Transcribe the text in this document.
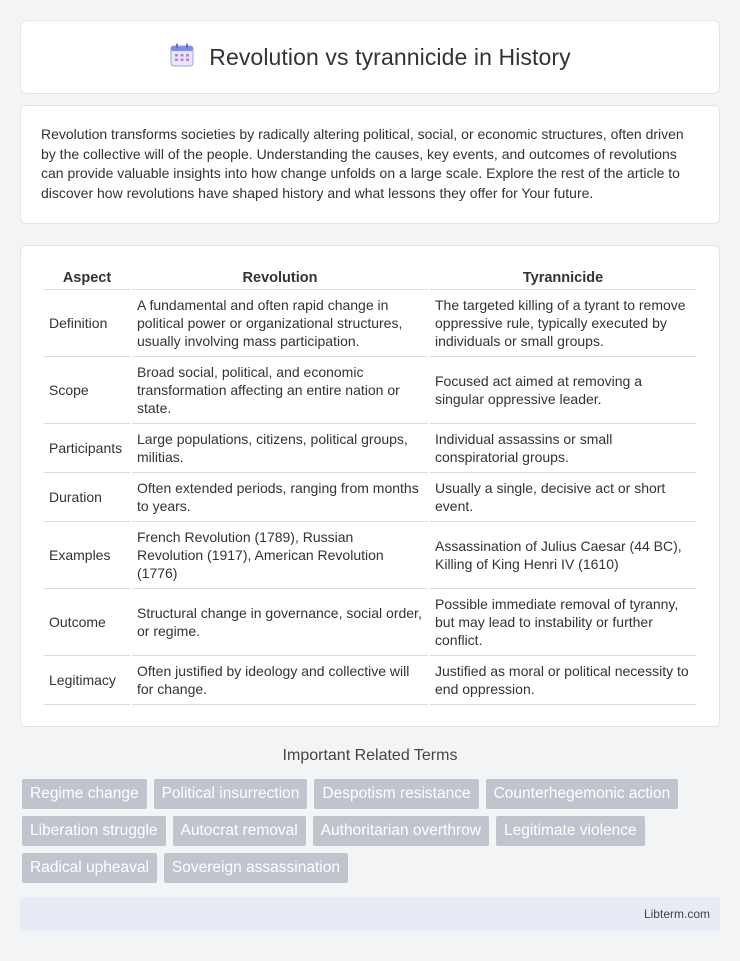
Revolution vs tyrannicide in History

Revolution transforms societies by radically altering political, social, or economic structures, often driven by the collective will of the people. Understanding the causes, key events, and outcomes of revolutions can provide valuable insights into how change unfolds on a large scale. Explore the rest of the article to discover how revolutions have shaped history and what lessons they offer for Your future.

Aspect	Revolution	Tyrannicide
Definition	A fundamental and often rapid change in political power or organizational structures, usually involving mass participation.	The targeted killing of a tyrant to remove oppressive rule, typically executed by individuals or small groups.
Scope	Broad social, political, and economic transformation affecting an entire nation or state.	Focused act aimed at removing a singular oppressive leader.
Participants	Large populations, citizens, political groups, militias.	Individual assassins or small conspiratorial groups.
Duration	Often extended periods, ranging from months to years.	Usually a single, decisive act or short event.
Examples	French Revolution (1789), Russian Revolution (1917), American Revolution (1776)	Assassination of Julius Caesar (44 BC), Killing of King Henri IV (1610)
Outcome	Structural change in governance, social order, or regime.	Possible immediate removal of tyranny, but may lead to instability or further conflict.
Legitimacy	Often justified by ideology and collective will for change.	Justified as moral or political necessity to end oppression.
Important Related Terms
Regime change	Political insurrection	Despotism resistance	Counterhegemonic action
Liberation struggle	Autocrat removal	Authoritarian overthrow	Legitimate violence
Radical upheaval	Sovereign assassination
Libterm.com
